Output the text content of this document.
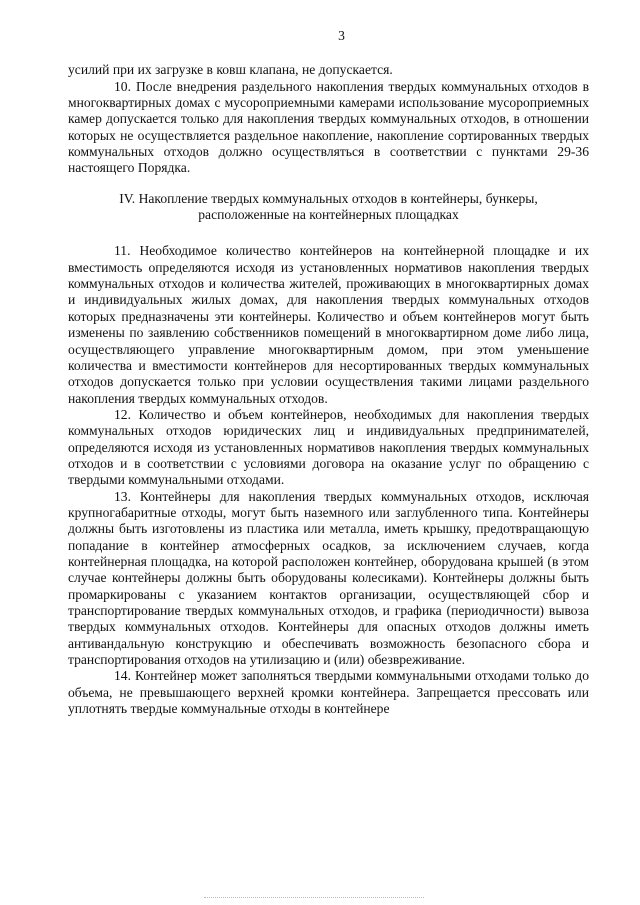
3

усилий при их загрузке в ковш клапана, не допускается.

10. После внедрения раздельного накопления твердых коммунальных отходов в многоквартирных домах с мусороприемными камерами использование мусороприемных камер допускается только для накопления твердых коммунальных отходов, в отношении которых не осуществляется раздельное накопление, накопление сортированных твердых коммунальных отходов должно осуществляться в соответствии с пунктами 29-36 настоящего Порядка.

IV. Накопление твердых коммунальных отходов в контейнеры, бункеры, расположенные на контейнерных площадках

11. Необходимое количество контейнеров на контейнерной площадке и их вместимость определяются исходя из установленных нормативов накопления твердых коммунальных отходов и количества жителей, проживающих в многоквартирных домах и индивидуальных жилых домах, для накопления твердых коммунальных отходов которых предназначены эти контейнеры. Количество и объем контейнеров могут быть изменены по заявлению собственников помещений в многоквартирном доме либо лица, осуществляющего управление многоквартирным домом, при этом уменьшение количества и вместимости контейнеров для несортированных твердых коммунальных отходов допускается только при условии осуществления такими лицами раздельного накопления твердых коммунальных отходов.

12. Количество и объем контейнеров, необходимых для накопления твердых коммунальных отходов юридических лиц и индивидуальных предпринимателей, определяются исходя из установленных нормативов накопления твердых коммунальных отходов и в соответствии с условиями договора на оказание услуг по обращению с твердыми коммунальными отходами.

13. Контейнеры для накопления твердых коммунальных отходов, исключая крупногабаритные отходы, могут быть наземного или заглубленного типа. Контейнеры должны быть изготовлены из пластика или металла, иметь крышку, предотвращающую попадание в контейнер атмосферных осадков, за исключением случаев, когда контейнерная площадка, на которой расположен контейнер, оборудована крышей (в этом случае контейнеры должны быть оборудованы колесиками). Контейнеры должны быть промаркированы с указанием контактов организации, осуществляющей сбор и транспортирование твердых коммунальных отходов, и графика (периодичности) вывоза твердых коммунальных отходов. Контейнеры для опасных отходов должны иметь антивандальную конструкцию и обеспечивать возможность безопасного сбора и транспортирования отходов на утилизацию и (или) обезвреживание.

14. Контейнер может заполняться твердыми коммунальными отходами только до объема, не превышающего верхней кромки контейнера. Запрещается прессовать или уплотнять твердые коммунальные отходы в контейнере
